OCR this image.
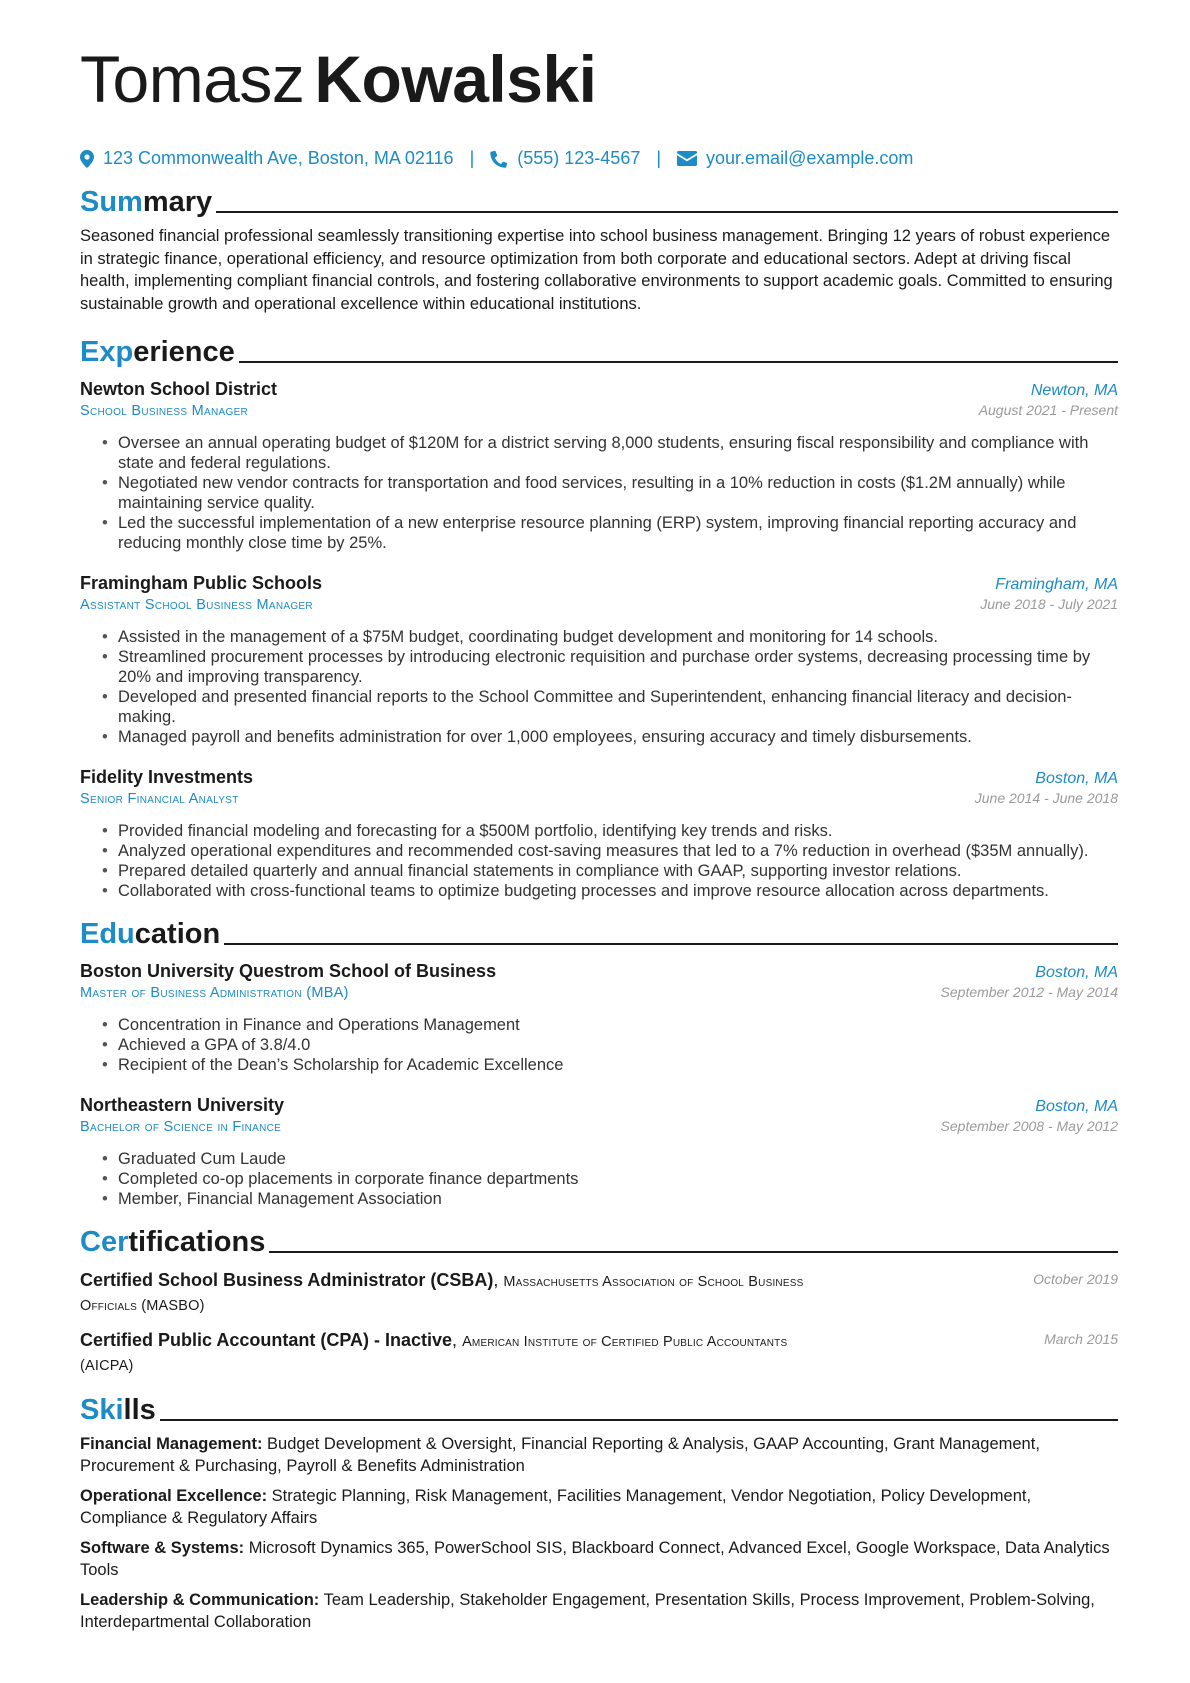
Tomasz Kowalski
123 Commonwealth Ave, Boston, MA 02116 | (555) 123-4567 |	your.email@example.com
Summary
Seasoned financial professional seamlessly transitioning expertise into school business management. Bringing 12 years of robust experience in strategic finance, operational efficiency, and resource optimization from both corporate and educational sectors. Adept at driving fiscal health, implementing compliant financial controls, and fostering collaborative environments to support academic goals. Committed to ensuring sustainable growth and operational excellence within educational institutions.
Experience
Newton School District	Newton, MA
School Business Manager	August 2021 - Present
• Oversee an annual operating budget of $120M for a district serving 8,000 students, ensuring fiscal responsibility and compliance with state and federal regulations.
• Negotiated new vendor contracts for transportation and food services, resulting in a 10% reduction in costs ($1.2M annually) while maintaining service quality.
• Led the successful implementation of a new enterprise resource planning (ERP) system, improving financial reporting accuracy and reducing monthly close time by 25%.
Framingham Public Schools	Framingham, MA
Assistant School Business Manager	June 2018 - July 2021
• Assisted in the management of a $75M budget, coordinating budget development and monitoring for 14 schools.
• Streamlined procurement processes by introducing electronic requisition and purchase order systems, decreasing processing time by 20% and improving transparency.
• Developed and presented financial reports to the School Committee and Superintendent, enhancing financial literacy and decision-making.
• Managed payroll and benefits administration for over 1,000 employees, ensuring accuracy and timely disbursements.
Fidelity Investments	Boston, MA
Senior Financial Analyst	June 2014 - June 2018
• Provided financial modeling and forecasting for a $500M portfolio, identifying key trends and risks.
• Analyzed operational expenditures and recommended cost-saving measures that led to a 7% reduction in overhead ($35M annually).
• Prepared detailed quarterly and annual financial statements in compliance with GAAP, supporting investor relations.
• Collaborated with cross-functional teams to optimize budgeting processes and improve resource allocation across departments.
Education
Boston University Questrom School of Business	Boston, MA
Master of Business Administration (MBA)	September 2012 - May 2014
• Concentration in Finance and Operations Management
• Achieved a GPA of 3.8/4.0
• Recipient of the Dean’s Scholarship for Academic Excellence
Northeastern University	Boston, MA
Bachelor of Science in Finance	September 2008 - May 2012
• Graduated Cum Laude
• Completed co-op placements in corporate finance departments
• Member, Financial Management Association
Certifications
Certified School Business Administrator (CSBA), Massachusetts Association of School Business Officials (MASBO)
October 2019
Certified Public Accountant (CPA) - Inactive, American Institute of Certified Public Accountants (AICPA)
March 2015
Skills
Financial Management: Budget Development & Oversight, Financial Reporting & Analysis, GAAP Accounting, Grant Management, Procurement & Purchasing, Payroll & Benefits Administration
Operational Excellence: Strategic Planning, Risk Management, Facilities Management, Vendor Negotiation, Policy Development, Compliance & Regulatory Affairs
Software & Systems: Microsoft Dynamics 365, PowerSchool SIS, Blackboard Connect, Advanced Excel, Google Workspace, Data Analytics Tools
Leadership & Communication: Team Leadership, Stakeholder Engagement, Presentation Skills, Process Improvement, Problem-Solving, Interdepartmental Collaboration
